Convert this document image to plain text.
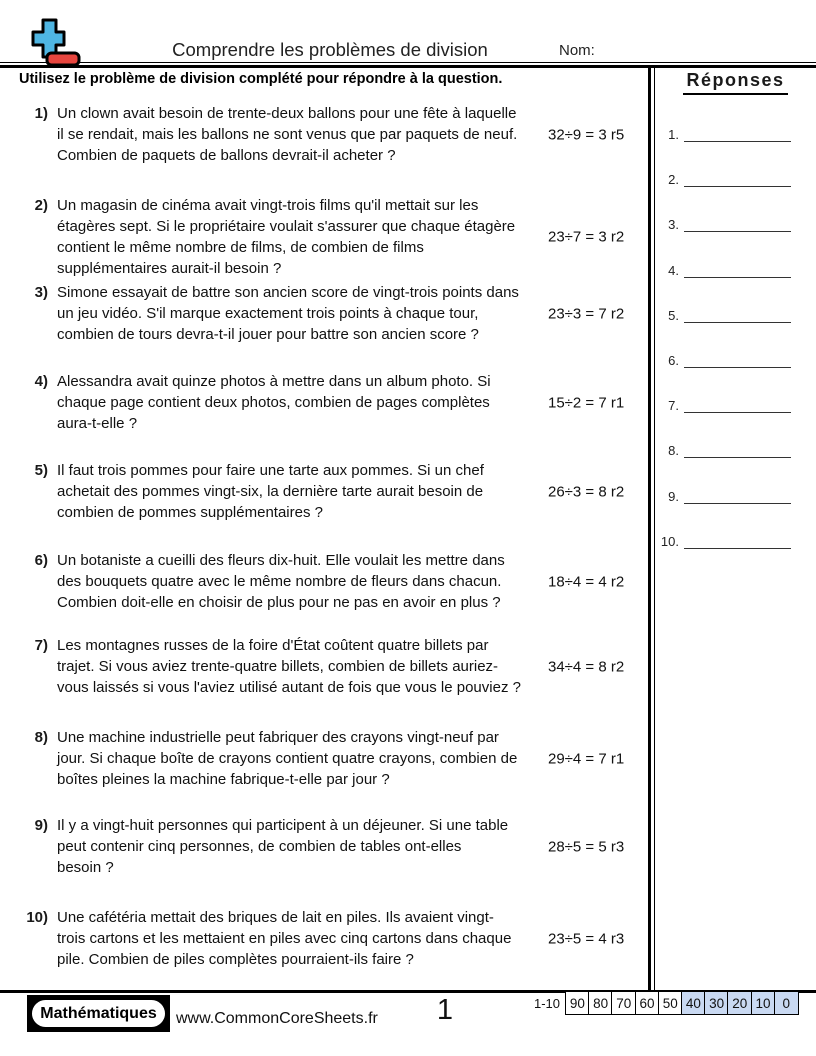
Comprendre les problèmes de division	Nom:
Utilisez le problème de division complété pour répondre à la question.	Réponses
1.
2.
3.
4.
5.
6.
7.
8.
9.
10.
1) Un clown avait besoin de trente-deux ballons pour une fête à laquelle
il se rendait, mais les ballons ne sont venus que par paquets de neuf.
Combien de paquets de ballons devrait-il acheter ?
32÷9 = 3 r5
2) Un magasin de cinéma avait vingt-trois films qu'il mettait sur les
étagères sept. Si le propriétaire voulait s'assurer que chaque étagère
contient le même nombre de films, de combien de films
supplémentaires aurait-il besoin ?
23÷7 = 3 r2
3) Simone essayait de battre son ancien score de vingt-trois points dans
un jeu vidéo. S'il marque exactement trois points à chaque tour,
combien de tours devra-t-il jouer pour battre son ancien score ?
23÷3 = 7 r2
4) Alessandra avait quinze photos à mettre dans un album photo. Si
chaque page contient deux photos, combien de pages complètes
aura-t-elle ?
15÷2 = 7 r1
5) Il faut trois pommes pour faire une tarte aux pommes. Si un chef
achetait des pommes vingt-six, la dernière tarte aurait besoin de
combien de pommes supplémentaires ?
26÷3 = 8 r2
6) Un botaniste a cueilli des fleurs dix-huit. Elle voulait les mettre dans
des bouquets quatre avec le même nombre de fleurs dans chacun.
Combien doit-elle en choisir de plus pour ne pas en avoir en plus ?
18÷4 = 4 r2
7) Les montagnes russes de la foire d'État coûtent quatre billets par
trajet. Si vous aviez trente-quatre billets, combien de billets auriez-
vous laissés si vous l'aviez utilisé autant de fois que vous le pouviez ?
34÷4 = 8 r2
8) Une machine industrielle peut fabriquer des crayons vingt-neuf par
jour. Si chaque boîte de crayons contient quatre crayons, combien de
boîtes pleines la machine fabrique-t-elle par jour ?
29÷4 = 7 r1
9) Il y a vingt-huit personnes qui participent à un déjeuner. Si une table
peut contenir cinq personnes, de combien de tables ont-elles
besoin ?
28÷5 = 5 r3
10) Une cafétéria mettait des briques de lait en piles. Ils avaient vingt-
trois cartons et les mettaient en piles avec cinq cartons dans chaque
pile. Combien de piles complètes pourraient-ils faire ?
23÷5 = 4 r3
Mathématiques	www.CommonCoreSheets.fr	1	1-10 90 80 70 60 50 40 30 20 10 0
